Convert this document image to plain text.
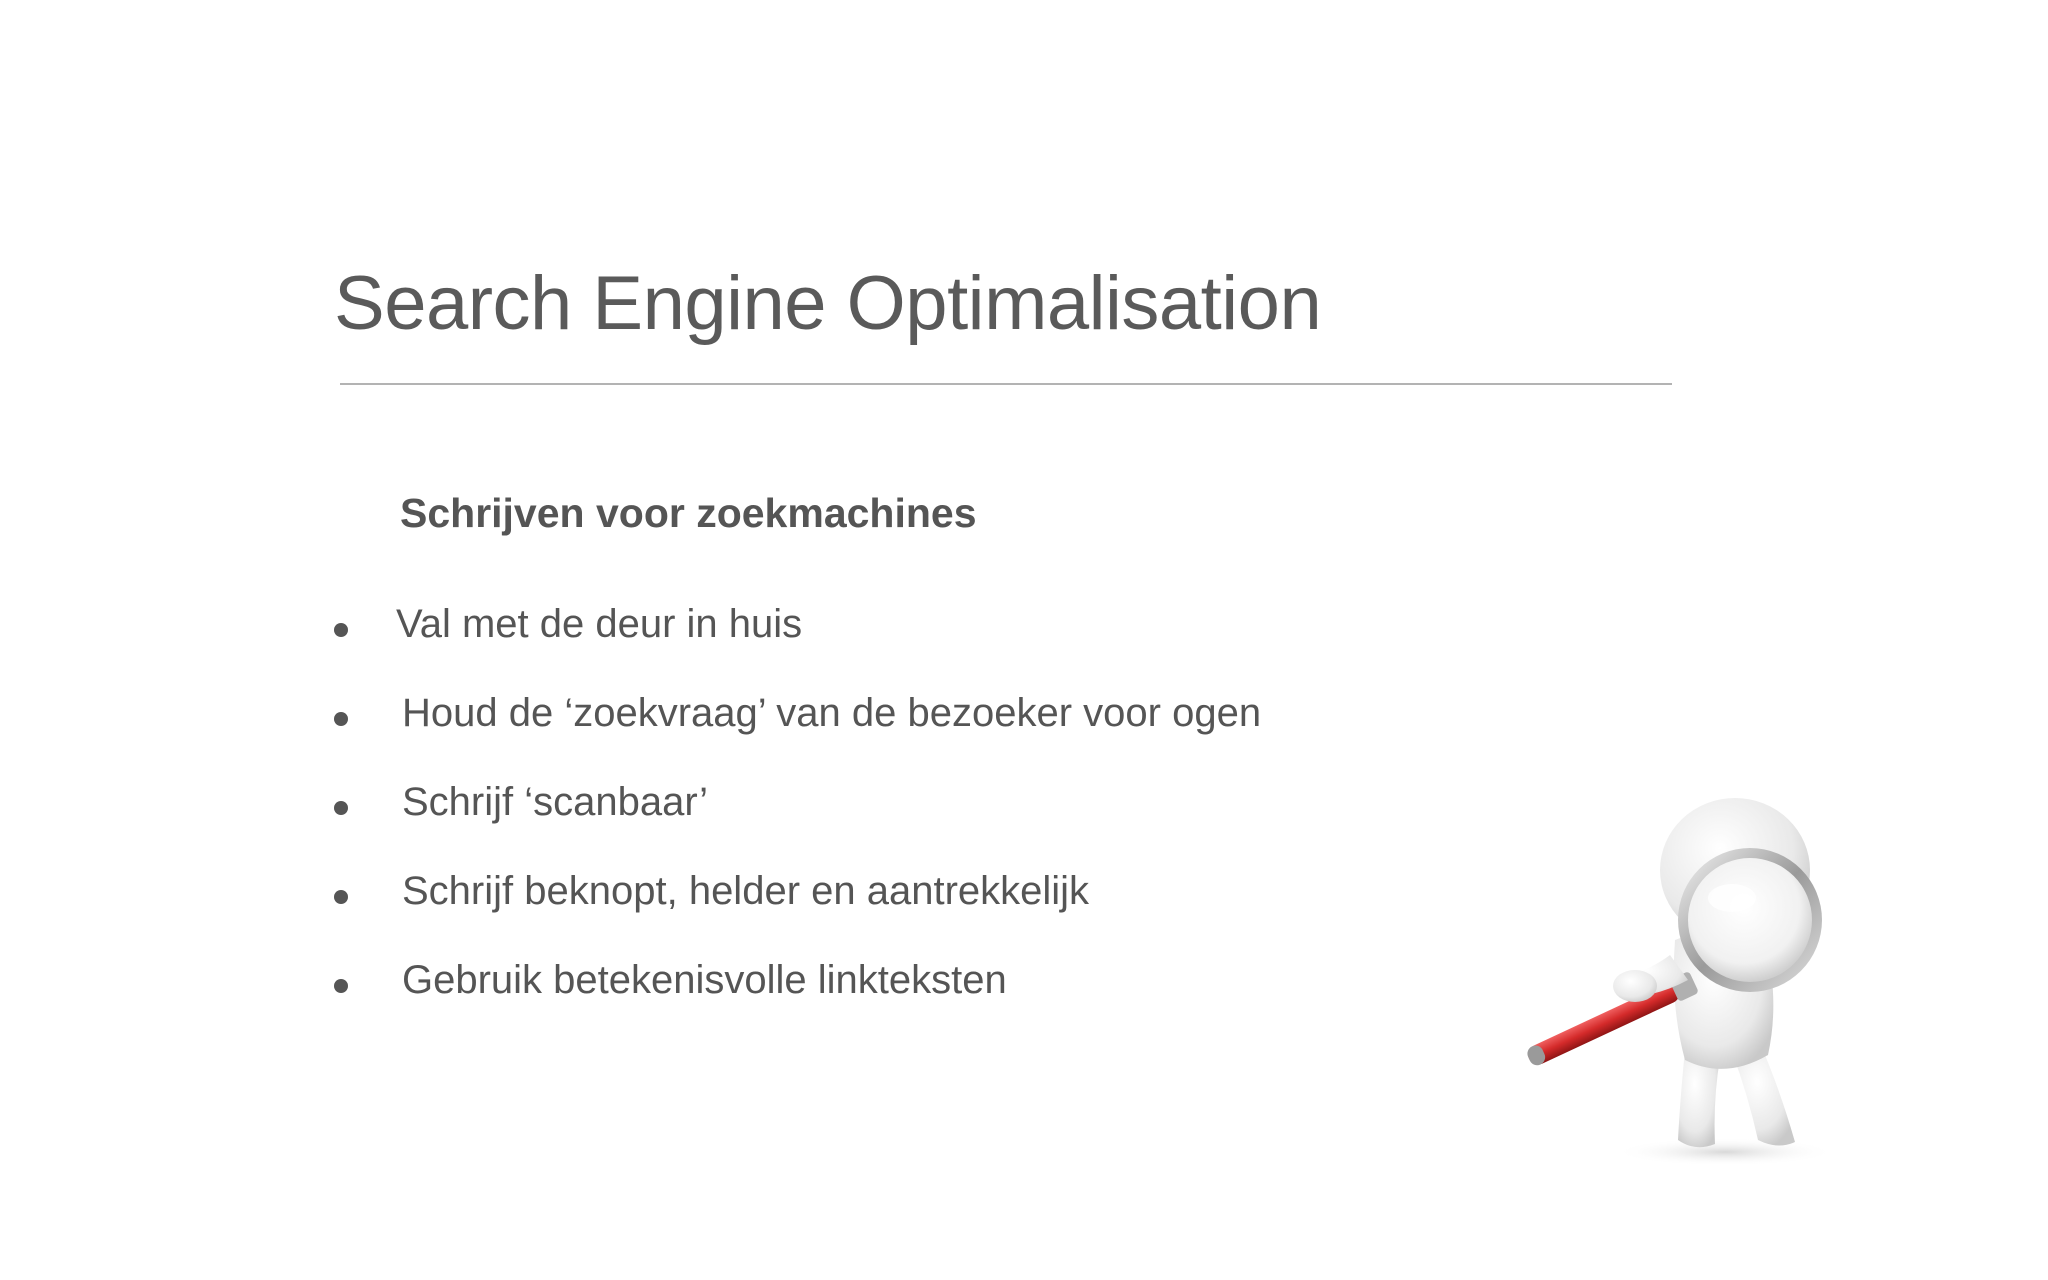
Search Engine Optimalisation
Schrijven voor zoekmachines
Val met de deur in huis
Houd de ‘zoekvraag’ van de bezoeker voor ogen
Schrijf ‘scanbaar’
Schrijf beknopt, helder en aantrekkelijk
Gebruik betekenisvolle linkteksten
